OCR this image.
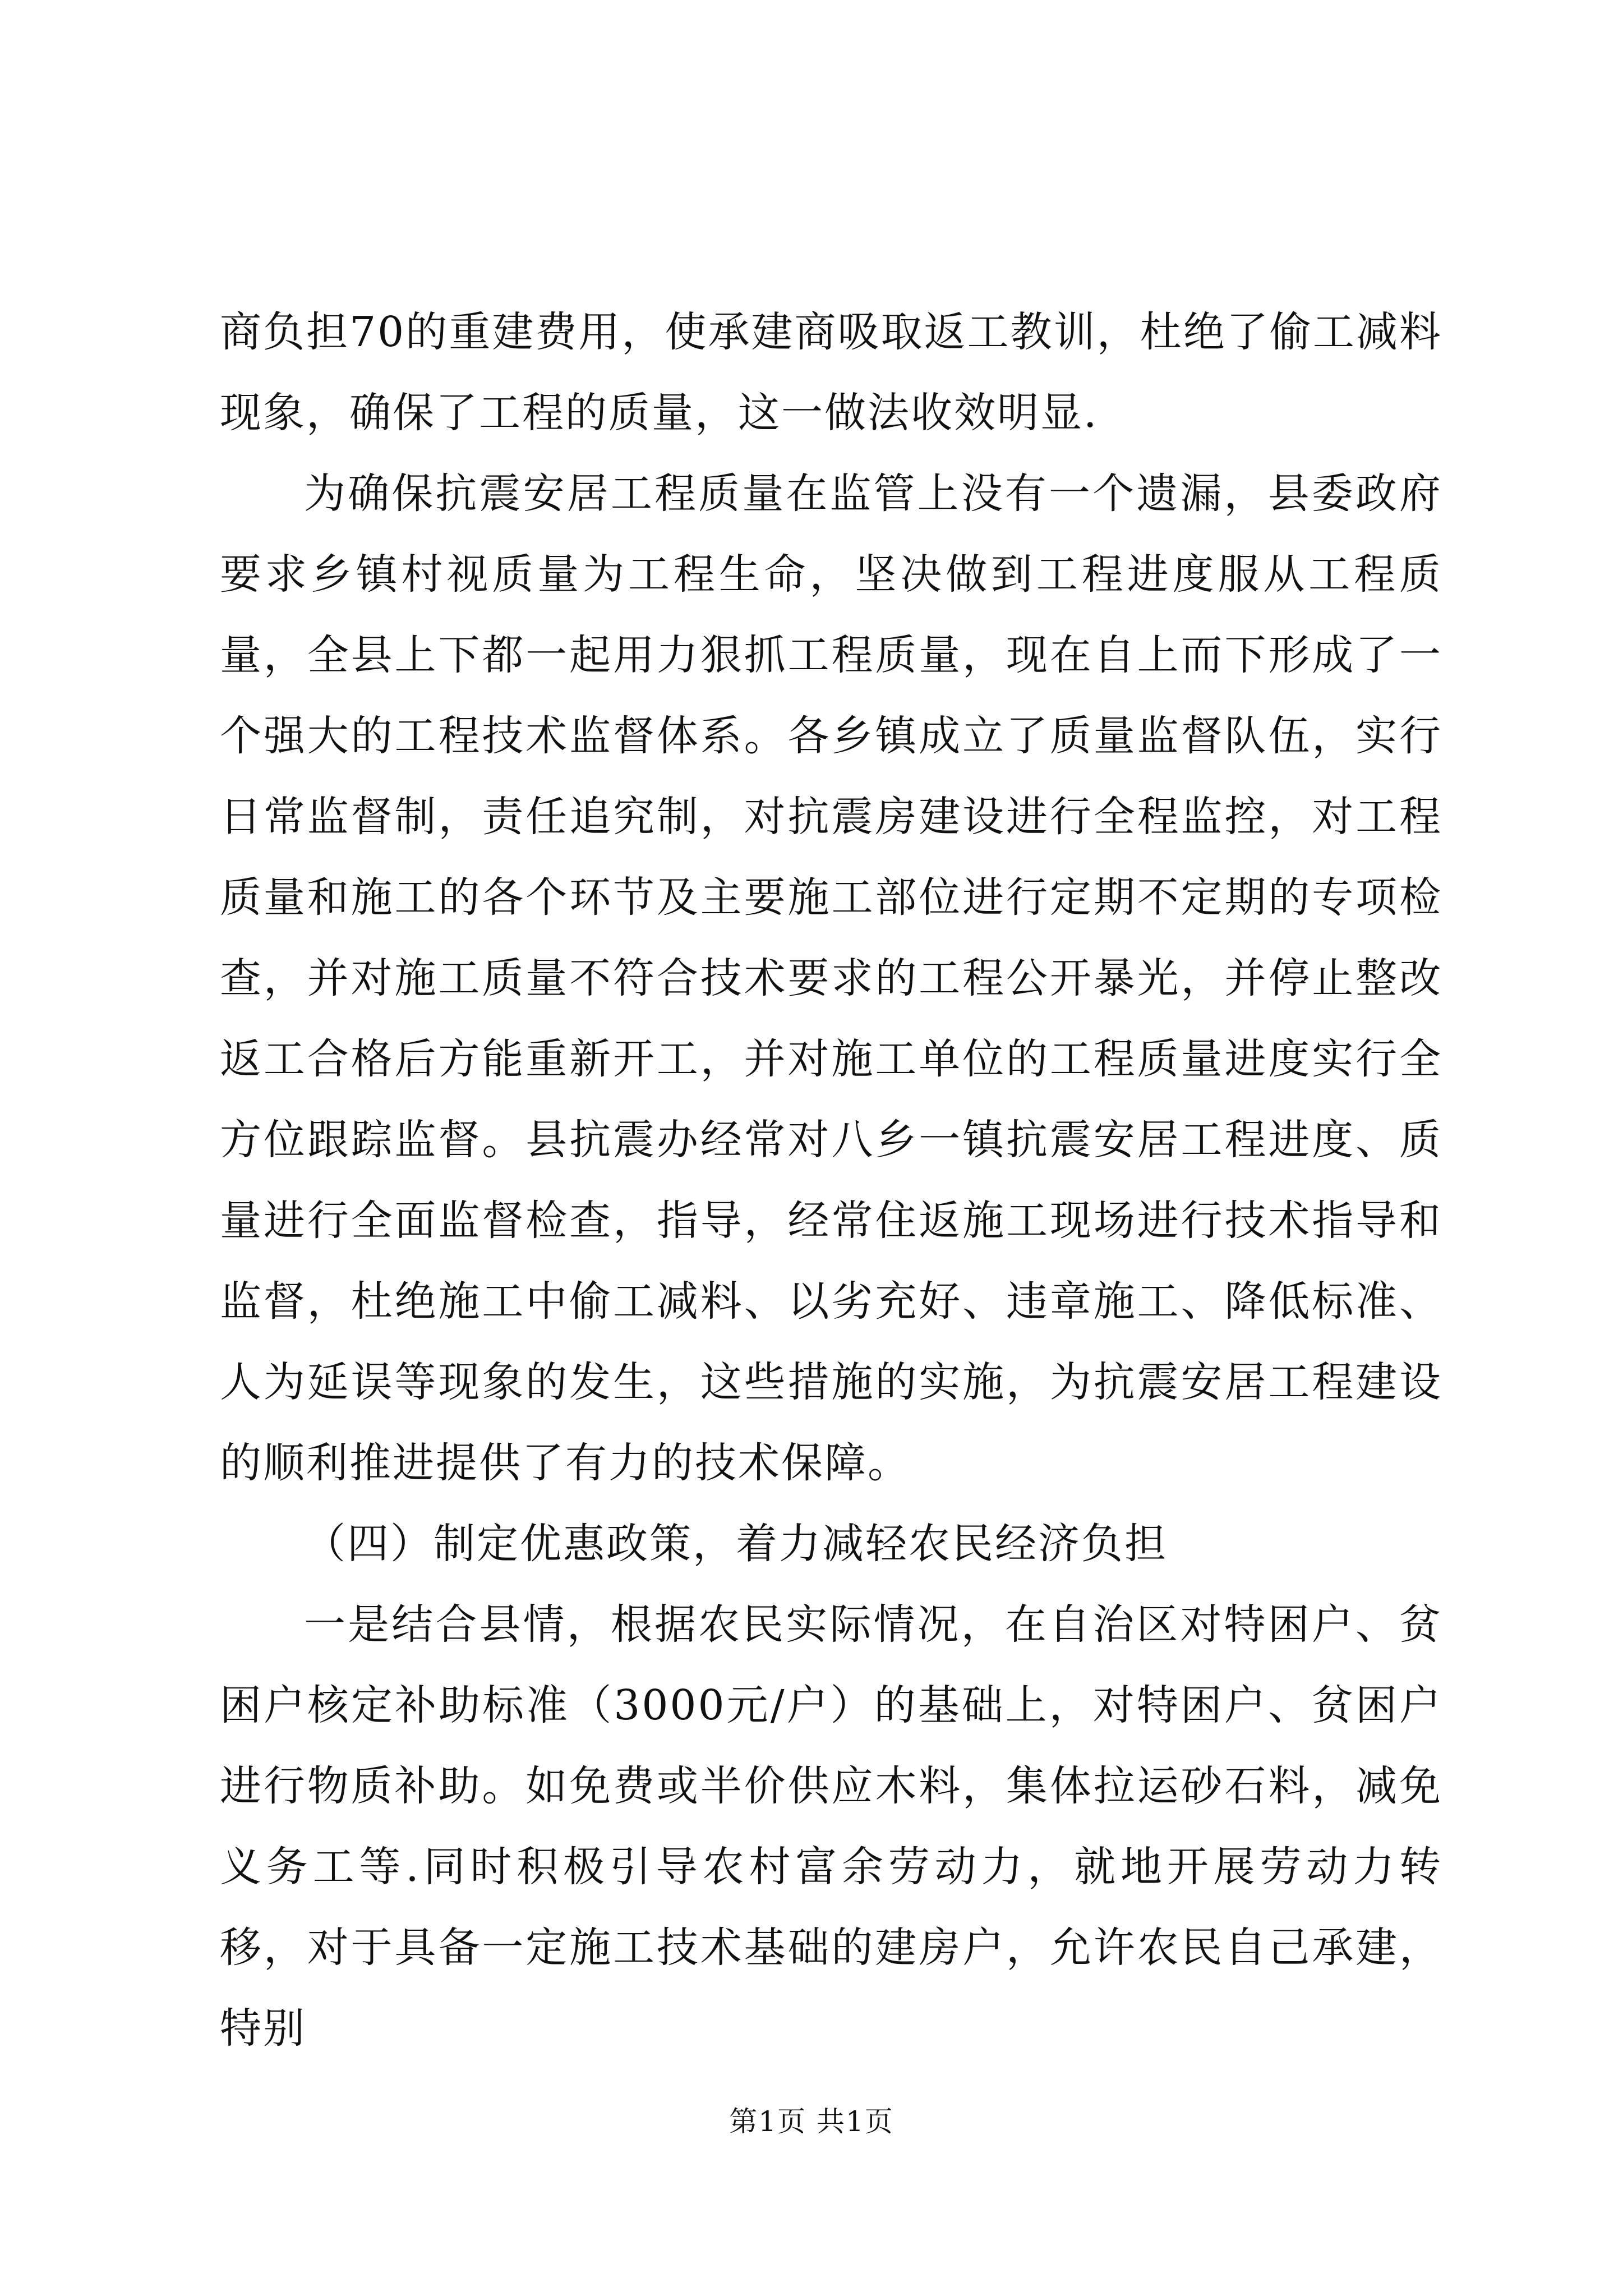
商负担70的重建费用，使承建商吸取返工教训，杜绝了偷工减料现象，确保了工程的质量，这一做法收效明显.

为确保抗震安居工程质量在监管上没有一个遗漏，县委政府要求乡镇村视质量为工程生命，坚决做到工程进度服从工程质量，全县上下都一起用力狠抓工程质量，现在自上而下形成了一个强大的工程技术监督体系。各乡镇成立了质量监督队伍，实行日常监督制，责任追究制，对抗震房建设进行全程监控，对工程质量和施工的各个环节及主要施工部位进行定期不定期的专项检查，并对施工质量不符合技术要求的工程公开暴光，并停止整改返工合格后方能重新开工，并对施工单位的工程质量进度实行全方位跟踪监督。县抗震办经常对八乡一镇抗震安居工程进度、质量进行全面监督检查，指导，经常住返施工现场进行技术指导和监督，杜绝施工中偷工减料、以劣充好、违章施工、降低标准、人为延误等现象的发生，这些措施的实施，为抗震安居工程建设的顺利推进提供了有力的技术保障。

（四）制定优惠政策，着力减轻农民经济负担

一是结合县情，根据农民实际情况，在自治区对特困户、贫困户核定补助标准（3000元/户）的基础上，对特困户、贫困户进行物质补助。如免费或半价供应木料，集体拉运砂石料，减免义务工等.同时积极引导农村富余劳动力，就地开展劳动力转移，对于具备一定施工技术基础的建房户，允许农民自己承建，特别

第1页 共1页
